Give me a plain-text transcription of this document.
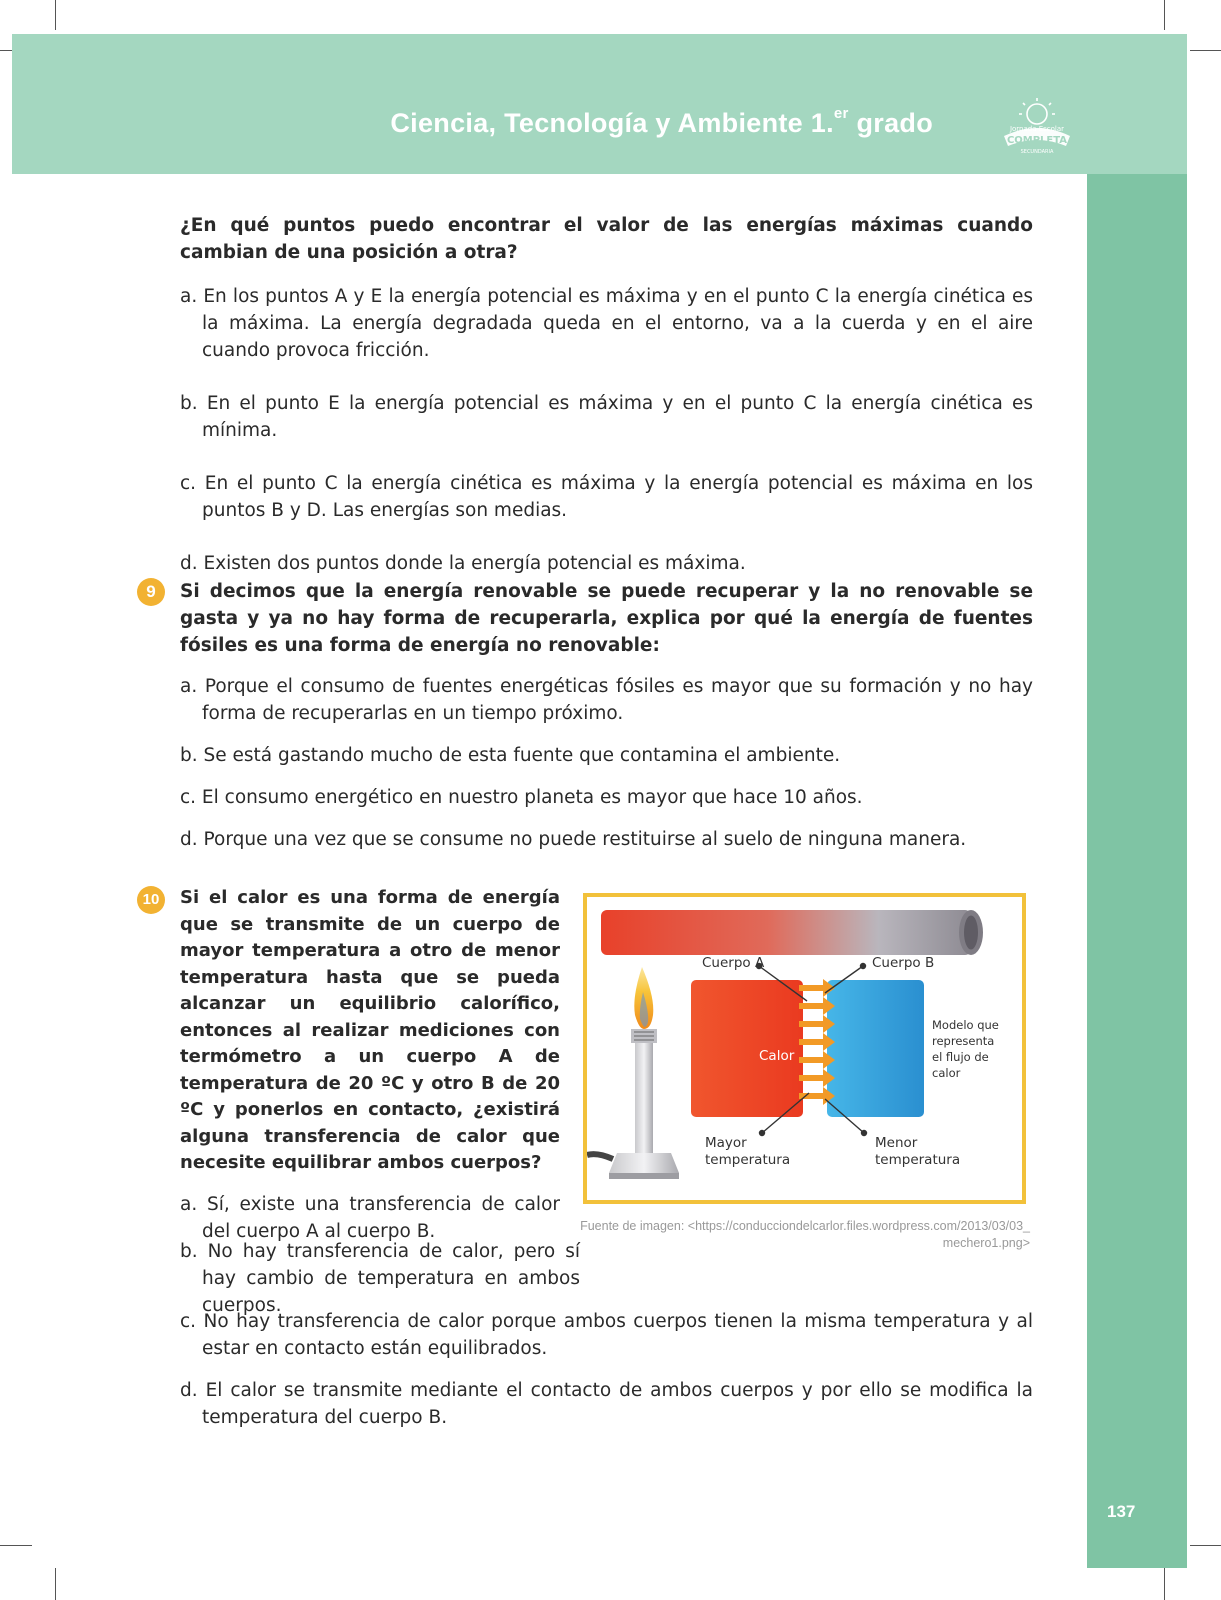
Ciencia, Tecnología y Ambiente 1.$^{er}$ grado	Jornada Escolar
COMPLETA
SECUNDARIA
137

¿En qué puntos puedo encontrar el valor de las energías máximas cuando cambian de una posición a otra?

a. En los puntos A y E la energía potencial es máxima y en el punto C la energía cinética es la máxima. La energía degradada queda en el entorno, va a la cuerda y en el aire cuando provoca fricción.

b. En el punto E la energía potencial es máxima y en el punto C la energía cinética es mínima.

c. En el punto C la energía cinética es máxima y la energía potencial es máxima en los puntos B y D. Las energías son medias.

d. Existen dos puntos donde la energía potencial es máxima.

9	Si decimos que la energía renovable se puede recuperar y la no renovable se gasta y ya no hay forma de recuperarla, explica por qué la energía de fuentes fósiles es una forma de energía no renovable:

a. Porque el consumo de fuentes energéticas fósiles es mayor que su formación y no hay forma de recuperarlas en un tiempo próximo.

b. Se está gastando mucho de esta fuente que contamina el ambiente.

c. El consumo energético en nuestro planeta es mayor que hace 10 años.

d. Porque una vez que se consume no puede restituirse al suelo de ninguna manera.

10	Si el calor es una forma de energía que se transmite de un cuerpo de mayor temperatura a otro de menor temperatura hasta que se pueda alcanzar un equilibrio calorífico, entonces al realizar mediciones con termómetro a un cuerpo A de temperatura de 20 ºC y otro B de 20 ºC y ponerlos en contacto, ¿existirá alguna transferencia de calor que necesite equilibrar ambos cuerpos?

a. Sí, existe una transferencia de calor del cuerpo A al cuerpo B.

b. No hay transferencia de calor, pero sí hay cambio de temperatura en ambos cuerpos.

c. No hay transferencia de calor porque ambos cuerpos tienen la misma temperatura y al estar en contacto están equilibrados.

d. El calor se transmite mediante el contacto de ambos cuerpos y por ello se modifica la temperatura del cuerpo B.

Cuerpo A	Cuerpo B
Calor
Modelo que
representa
el flujo de
calor
Mayor
temperatura
Menor
temperatura
Fuente de imagen: <https://conducciondelcarlor.files.wordpress.com/2013/03/03_
mechero1.png>
